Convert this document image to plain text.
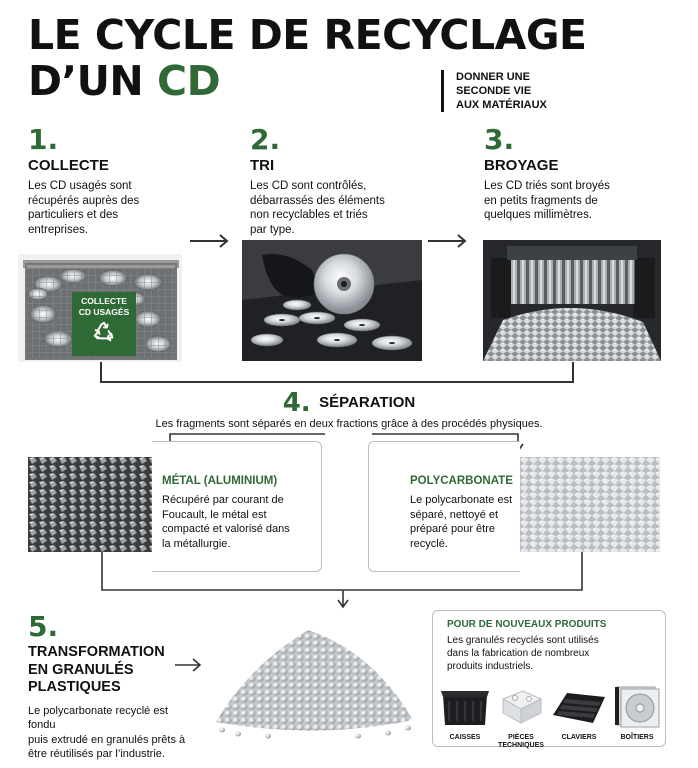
LE CYCLE DE RECYCLAGE
D’UN CD	DONNER UNE
SECONDE VIE
AUX MATÉRIAUX
1.
COLLECTE
Les CD usagés sont
récupérés auprès des
particuliers et des
entreprises.
COLLECTE
CD USAGÉS
2.
TRI
Les CD sont contrôlés,
débarrassés des éléments
non recyclables et triés
par type.
3.
BROYAGE
Les CD triés sont broyés
en petits fragments de
quelques millimètres.
4. SÉPARATION
Les fragments sont séparés en deux fractions grâce à des procédés physiques.
MÉTAL (ALUMINIUM)
Récupéré par courant de
Foucault, le métal est
compacté et valorisé dans
la métallurgie.
POLYCARBONATE
Le polycarbonate est
séparé, nettoyé et
préparé pour être
recyclé.
5.
TRANSFORMATION
EN GRANULÉS
PLASTIQUES
Le polycarbonate recyclé est fondu
puis extrudé en granulés prêts à
être réutilisés par l’industrie.
POUR DE NOUVEAUX PRODUITS
Les granulés recyclés sont utilisés
dans la fabrication de nombreux
produits industriels.
CAISSES	PIÈCES
TECHNIQUES
CLAVIERS	BOÎTIERS
